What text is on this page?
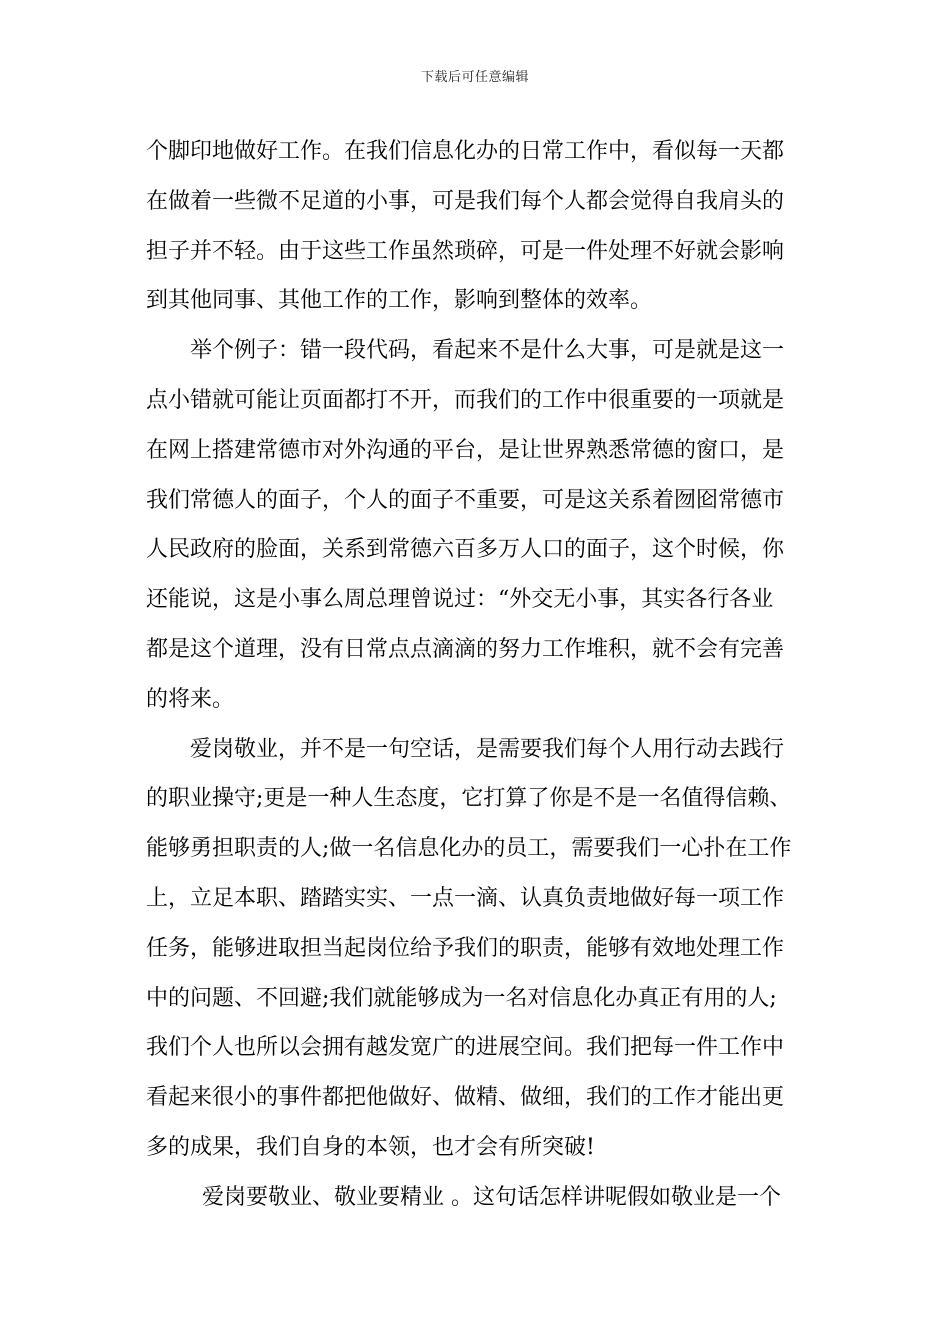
下载后可任意编辑
个脚印地做好工作。在我们信息化办的日常工作中，看似每一天都
在做着一些微不足道的小事，可是我们每个人都会觉得自我肩头的
担子并不轻。由于这些工作虽然琐碎，可是一件处理不好就会影响
到其他同事、其他工作的工作，影响到整体的效率。
举个例子：错一段代码，看起来不是什么大事，可是就是这一
点小错就可能让页面都打不开，而我们的工作中很重要的一项就是
在网上搭建常德市对外沟通的平台，是让世界熟悉常德的窗口，是
我们常德人的面子，个人的面子不重要，可是这关系着囫囵常德市
人民政府的脸面，关系到常德六百多万人口的面子，这个时候，你
还能说，这是小事么周总理曾说过：“外交无小事，其实各行各业
都是这个道理，没有日常点点滴滴的努力工作堆积，就不会有完善
的将来。
爱岗敬业，并不是一句空话，是需要我们每个人用行动去践行
的职业操守;更是一种人生态度，它打算了你是不是一名值得信赖、
能够勇担职责的人;做一名信息化办的员工，需要我们一心扑在工作
上，立足本职、踏踏实实、一点一滴、认真负责地做好每一项工作
任务，能够进取担当起岗位给予我们的职责，能够有效地处理工作
中的问题、不回避;我们就能够成为一名对信息化办真正有用的人;
我们个人也所以会拥有越发宽广的进展空间。我们把每一件工作中
看起来很小的事件都把他做好、做精、做细，我们的工作才能出更
多的成果，我们自身的本领，也才会有所突破!
爱岗要敬业、敬业要精业 。这句话怎样讲呢假如敬业是一个
